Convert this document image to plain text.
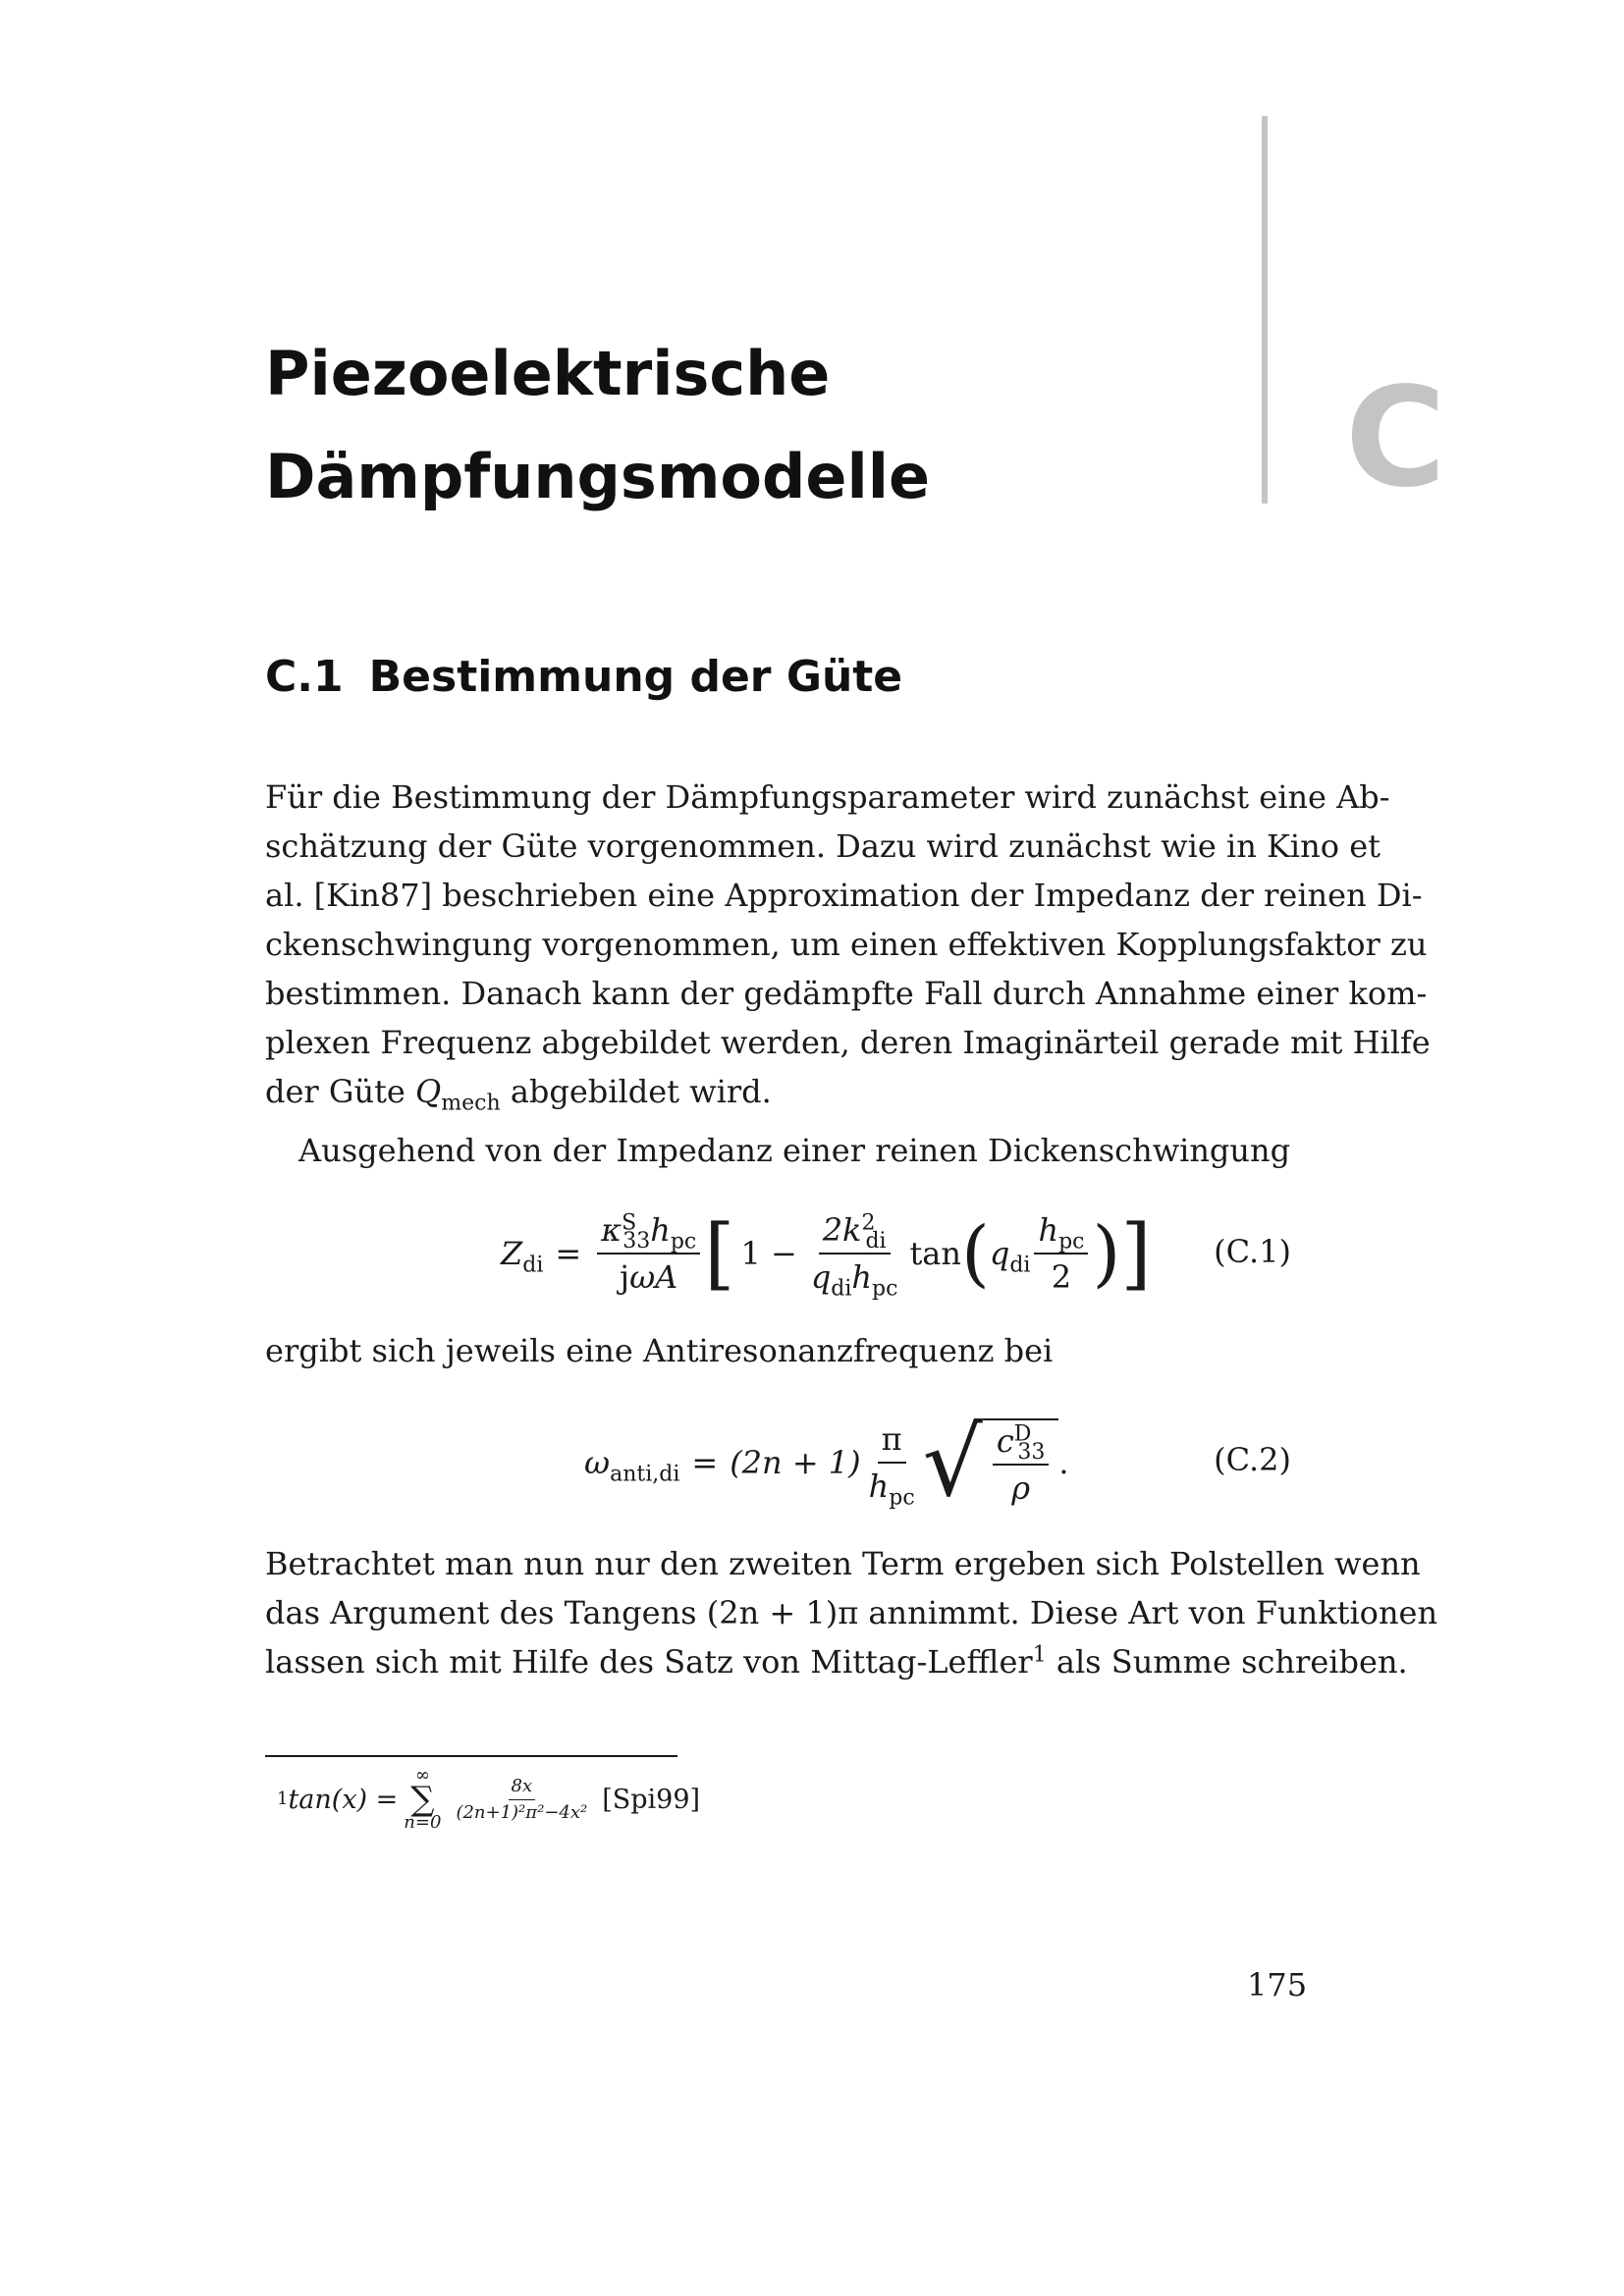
Piezoelektrische
Dämpfungsmodelle	C
C.1 Bestimmung der Güte
Für die Bestimmung der Dämpfungsparameter wird zunächst eine Ab-
schätzung der Güte vorgenommen. Dazu wird zunächst wie in Kino et
al. [Kin87] beschrieben eine Approximation der Impedanz der reinen Di-
ckenschwingung vorgenommen, um einen effektiven Kopplungsfaktor zu
bestimmen. Danach kann der gedämpfte Fall durch Annahme einer kom-
plexen Frequenz abgebildet werden, deren Imaginärteil gerade mit Hilfe
der Güte $Q_{mech}$ abgebildet wird.
Ausgehend von der Impedanz einer reinen Dickenschwingung
$Z_{di} = \frac{\kappa^S_{33}h_{pc}}{\text{jωA}}$ [ $1 - \frac{2k^2_{di}}{q_{di}h_{pc}}$ tan ( $q_{di} \frac{h_{pc}}{2}$ ) ] (C.1)
ergibt sich jeweils eine Antiresonanzfrequenz bei
$\omega_{anti,di} = (2n + 1) \frac{\pi}{h_{pc}}$ √ $\frac{c^D_{33}}{\rho}$ .	(C.2)
Betrachtet man nun nur den zweiten Term ergeben sich Polstellen wenn
das Argument des Tangens (2n + 1)π annimmt. Diese Art von Funktionen
lassen sich mit Hilfe des Satz von Mittag-Leffler$^1$ als Summe schreiben.
1 tan(x) =
∞
∑
$n=0 \frac{8x}{\text{(2n+1)²π²−4x²}} [Spi99]$
175
